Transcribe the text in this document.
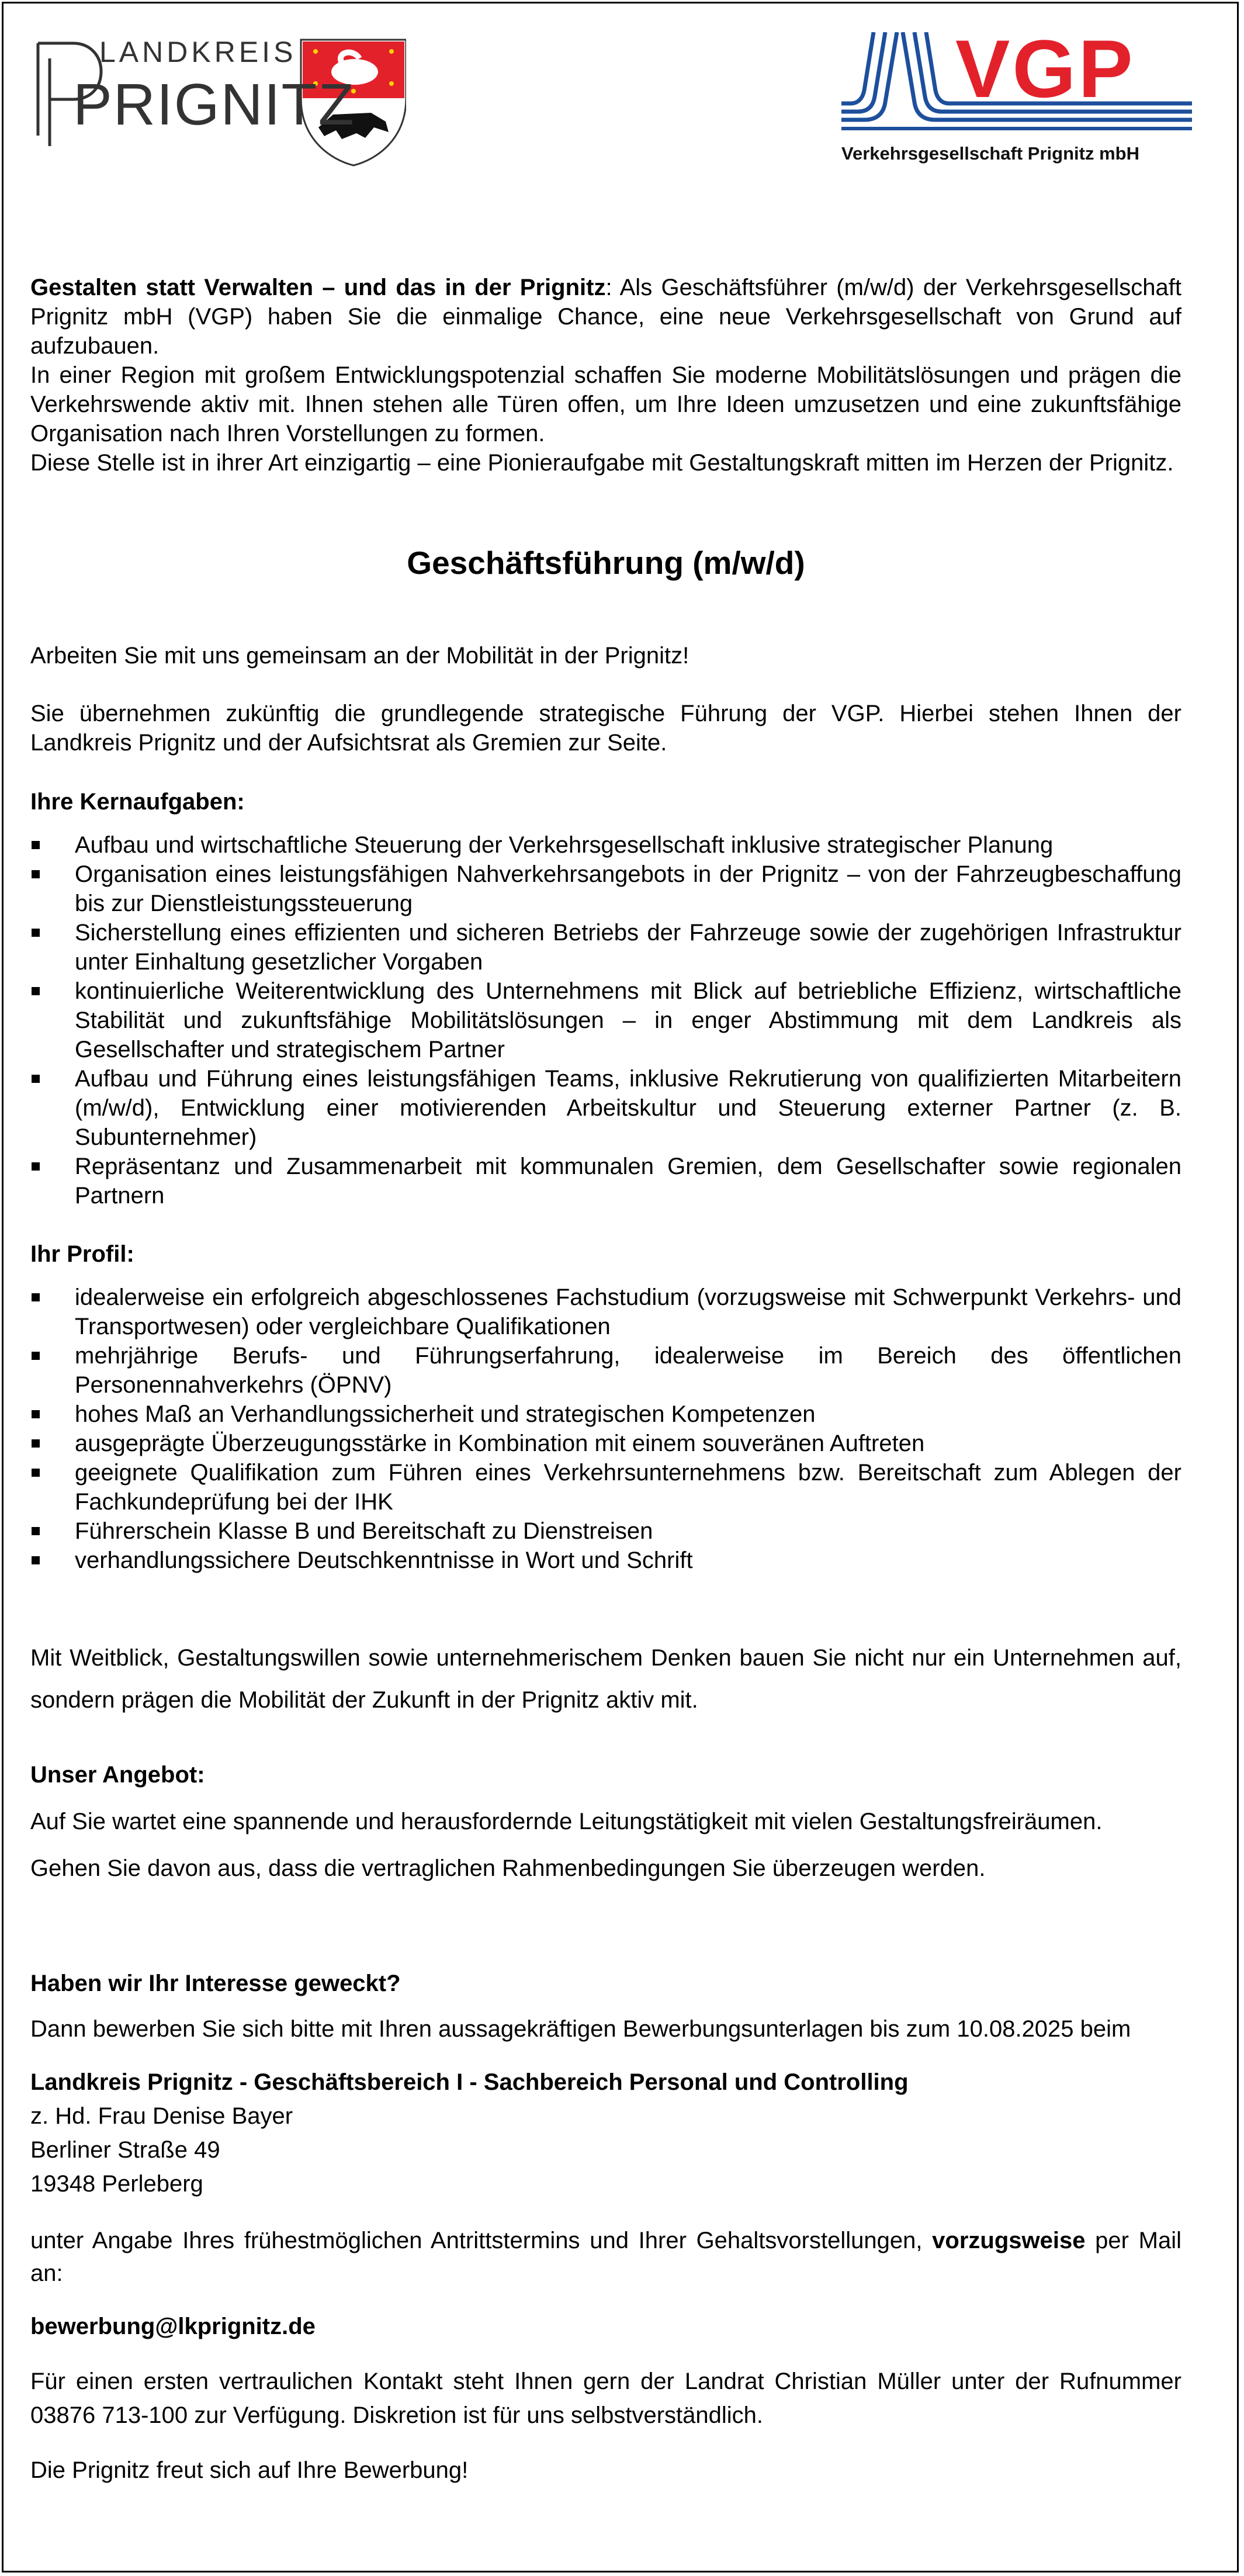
LANDKREIS
PRIGNITZ	VGP
Verkehrsgesellschaft Prignitz mbH

Gestalten statt Verwalten – und das in der Prignitz: Als Geschäftsführer (m/w/d) der Verkehrsgesellschaft Prignitz mbH (VGP) haben Sie die einmalige Chance, eine neue Verkehrsgesellschaft von Grund auf aufzubauen.

In einer Region mit großem Entwicklungspotenzial schaffen Sie moderne Mobilitätslösungen und prägen die Verkehrswende aktiv mit. Ihnen stehen alle Türen offen, um Ihre Ideen umzusetzen und eine zukunftsfähige Organisation nach Ihren Vorstellungen zu formen.

Diese Stelle ist in ihrer Art einzigartig – eine Pionieraufgabe mit Gestaltungskraft mitten im Herzen der Prignitz.

Geschäftsführung (m/w/d)

Arbeiten Sie mit uns gemeinsam an der Mobilität in der Prignitz!

Sie übernehmen zukünftig die grundlegende strategische Führung der VGP. Hierbei stehen Ihnen der Landkreis Prignitz und der Aufsichtsrat als Gremien zur Seite.

Ihre Kernaufgaben:

Aufbau und wirtschaftliche Steuerung der Verkehrsgesellschaft inklusive strategischer Planung
Organisation eines leistungsfähigen Nahverkehrsangebots in der Prignitz – von der Fahrzeugbeschaffung bis zur Dienstleistungssteuerung
Sicherstellung eines effizienten und sicheren Betriebs der Fahrzeuge sowie der zugehörigen Infrastruktur unter Einhaltung gesetzlicher Vorgaben
kontinuierliche Weiterentwicklung des Unternehmens mit Blick auf betriebliche Effizienz, wirtschaftliche Stabilität und zukunftsfähige Mobilitätslösungen – in enger Abstimmung mit dem Landkreis als Gesellschafter und strategischem Partner
Aufbau und Führung eines leistungsfähigen Teams, inklusive Rekrutierung von qualifizierten Mitarbeitern (m/w/d), Entwicklung einer motivierenden Arbeitskultur und Steuerung externer Partner (z. B. Subunternehmer)
Repräsentanz und Zusammenarbeit mit kommunalen Gremien, dem Gesellschafter sowie regionalen Partnern

Ihr Profil:

idealerweise ein erfolgreich abgeschlossenes Fachstudium (vorzugsweise mit Schwerpunkt Verkehrs- und Transportwesen) oder vergleichbare Qualifikationen
mehrjährige Berufs- und Führungserfahrung, idealerweise im Bereich des öffentlichen Personennahverkehrs (ÖPNV)
hohes Maß an Verhandlungssicherheit und strategischen Kompetenzen
ausgeprägte Überzeugungsstärke in Kombination mit einem souveränen Auftreten
geeignete Qualifikation zum Führen eines Verkehrsunternehmens bzw. Bereitschaft zum Ablegen der Fachkundeprüfung bei der IHK
Führerschein Klasse B und Bereitschaft zu Dienstreisen
verhandlungssichere Deutschkenntnisse in Wort und Schrift

Mit Weitblick, Gestaltungswillen sowie unternehmerischem Denken bauen Sie nicht nur ein Unternehmen auf, sondern prägen die Mobilität der Zukunft in der Prignitz aktiv mit.

Unser Angebot:

Auf Sie wartet eine spannende und herausfordernde Leitungstätigkeit mit vielen Gestaltungsfreiräumen.

Gehen Sie davon aus, dass die vertraglichen Rahmenbedingungen Sie überzeugen werden.

Haben wir Ihr Interesse geweckt?

Dann bewerben Sie sich bitte mit Ihren aussagekräftigen Bewerbungsunterlagen bis zum 10.08.2025 beim

Landkreis Prignitz - Geschäftsbereich I - Sachbereich Personal und Controlling

z. Hd. Frau Denise Bayer

Berliner Straße 49

19348 Perleberg

unter Angabe Ihres frühestmöglichen Antrittstermins und Ihrer Gehaltsvorstellungen, vorzugsweise per Mail an:

bewerbung@lkprignitz.de

Für einen ersten vertraulichen Kontakt steht Ihnen gern der Landrat Christian Müller unter der Rufnummer 03876 713-100 zur Verfügung. Diskretion ist für uns selbstverständlich.

Die Prignitz freut sich auf Ihre Bewerbung!
